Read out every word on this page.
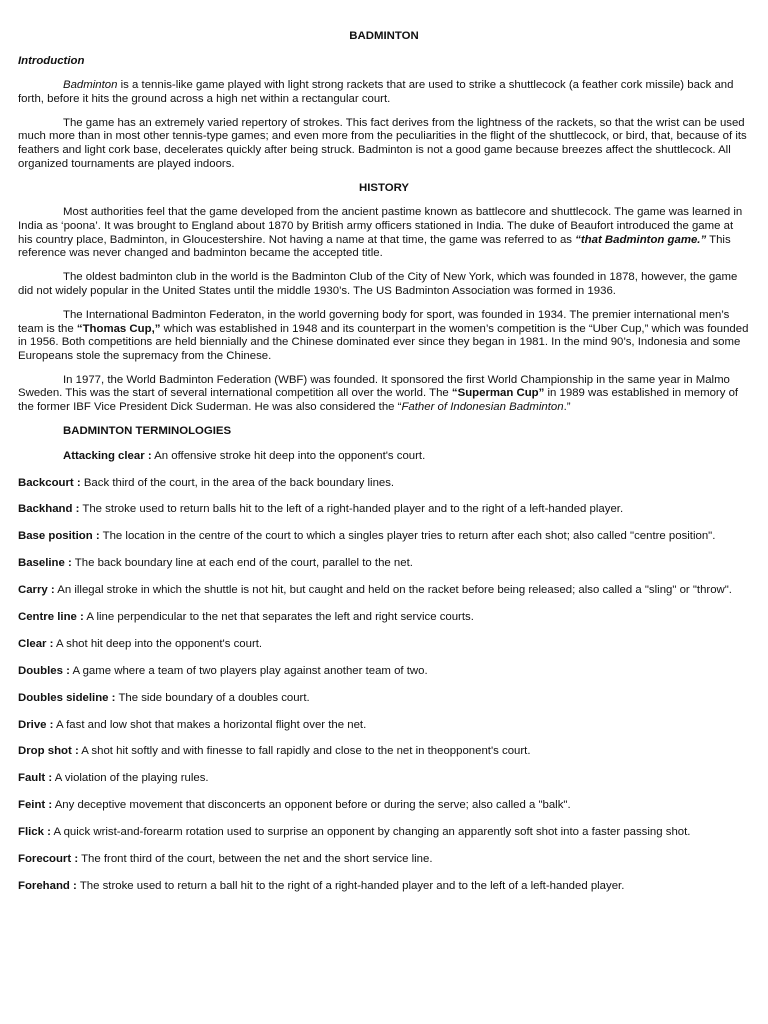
BADMINTON
Introduction

Badminton is a tennis-like game played with light strong rackets that are used to strike a shuttlecock (a feather cork missile) back and forth, before it hits the ground across a high net within a rectangular court.

The game has an extremely varied repertory of strokes. This fact derives from the lightness of the rackets, so that the wrist can be used much more than in most other tennis-type games; and even more from the peculiarities in the flight of the shuttlecock, or bird, that, because of its feathers and light cork base, decelerates quickly after being struck. Badminton is not a good game because breezes affect the shuttlecock. All organized tournaments are played indoors.

HISTORY

Most authorities feel that the game developed from the ancient pastime known as battlecore and shuttlecock. The game was learned in India as ‘poona’. It was brought to England about 1870 by British army officers stationed in India. The duke of Beaufort introduced the game at his country place, Badminton, in Gloucestershire. Not having a name at that time, the game was referred to as “that Badminton game.” This reference was never changed and badminton became the accepted title.

The oldest badminton club in the world is the Badminton Club of the City of New York, which was founded in 1878, however, the game did not widely popular in the United States until the middle 1930’s. The US Badminton Association was formed in 1936.

The International Badminton Federaton, in the world governing body for sport, was founded in 1934. The premier international men’s team is the “Thomas Cup,” which was established in 1948 and its counterpart in the women’s competition is the “Uber Cup,” which was founded in 1956. Both competitions are held biennially and the Chinese dominated ever since they began in 1981. In the mind 90’s, Indonesia and some Europeans stole the supremacy from the Chinese.

In 1977, the World Badminton Federation (WBF) was founded. It sponsored the first World Championship in the same year in Malmo Sweden. This was the start of several international competition all over the world. The “Superman Cup” in 1989 was established in memory of the former IBF Vice President Dick Suderman. He was also considered the “Father of Indonesian Badminton.”

BADMINTON TERMINOLOGIES
Attacking clear : An offensive stroke hit deep into the opponent's court.
Backcourt : Back third of the court, in the area of the back boundary lines.
Backhand : The stroke used to return balls hit to the left of a right-handed player and to the right of a left-handed player.
Base position : The location in the centre of the court to which a singles player tries to return after each shot; also called "centre position".
Baseline : The back boundary line at each end of the court, parallel to the net.
Carry : An illegal stroke in which the shuttle is not hit, but caught and held on the racket before being released; also called a "sling" or "throw".
Centre line : A line perpendicular to the net that separates the left and right service courts.
Clear : A shot hit deep into the opponent's court.
Doubles : A game where a team of two players play against another team of two.
Doubles sideline : The side boundary of a doubles court.
Drive : A fast and low shot that makes a horizontal flight over the net.
Drop shot : A shot hit softly and with finesse to fall rapidly and close to the net in theopponent's court.
Fault : A violation of the playing rules.
Feint : Any deceptive movement that disconcerts an opponent before or during the serve; also called a "balk".
Flick : A quick wrist-and-forearm rotation used to surprise an opponent by changing an apparently soft shot into a faster passing shot.
Forecourt : The front third of the court, between the net and the short service line.
Forehand : The stroke used to return a ball hit to the right of a right-handed player and to the left of a left-handed player.
